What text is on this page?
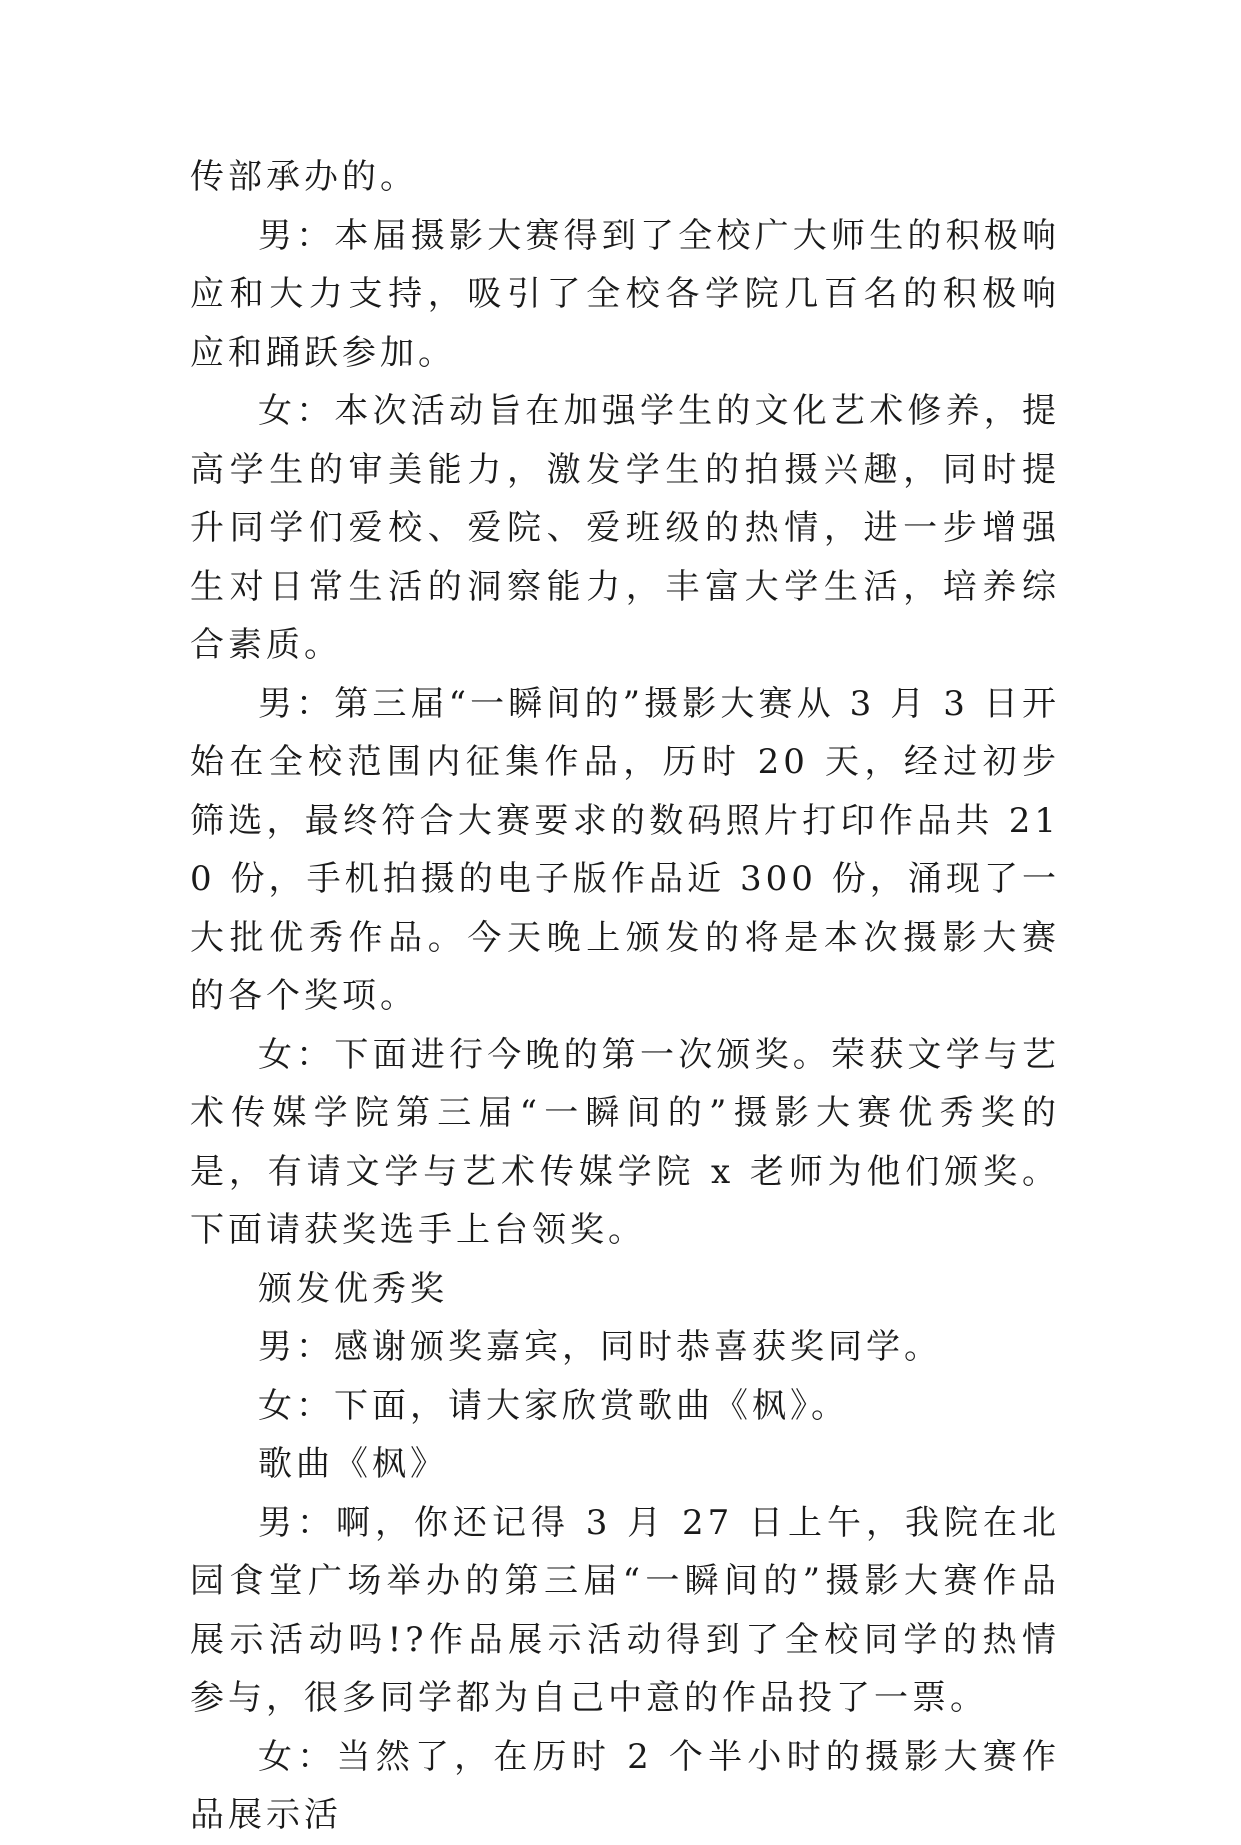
传部承办的。

男：本届摄影大赛得到了全校广大师生的积极响应和大力支持，吸引了全校各学院几百名的积极响应和踊跃参加。

女：本次活动旨在加强学生的文化艺术修养，提高学生的审美能力，激发学生的拍摄兴趣，同时提升同学们爱校、爱院、爱班级的热情，进一步增强生对日常生活的洞察能力，丰富大学生活，培养综合素质。

男：第三届“一瞬间的”摄影大赛从 3 月 3 日开始在全校范围内征集作品，历时 20 天，经过初步筛选，最终符合大赛要求的数码照片打印作品共 210 份，手机拍摄的电子版作品近 300 份，涌现了一大批优秀作品。今天晚上颁发的将是本次摄影大赛的各个奖项。

女：下面进行今晚的第一次颁奖。荣获文学与艺术传媒学院第三届“一瞬间的”摄影大赛优秀奖的是，有请文学与艺术传媒学院 x 老师为他们颁奖。下面请获奖选手上台领奖。

颁发优秀奖

男：感谢颁奖嘉宾，同时恭喜获奖同学。

女：下面，请大家欣赏歌曲《枫》。

歌曲《枫》

男：啊，你还记得 3 月 27 日上午，我院在北园食堂广场举办的第三届“一瞬间的”摄影大赛作品展示活动吗!?作品展示活动得到了全校同学的热情参与，很多同学都为自己中意的作品投了一票。

女：当然了，在历时 2 个半小时的摄影大赛作品展示活
